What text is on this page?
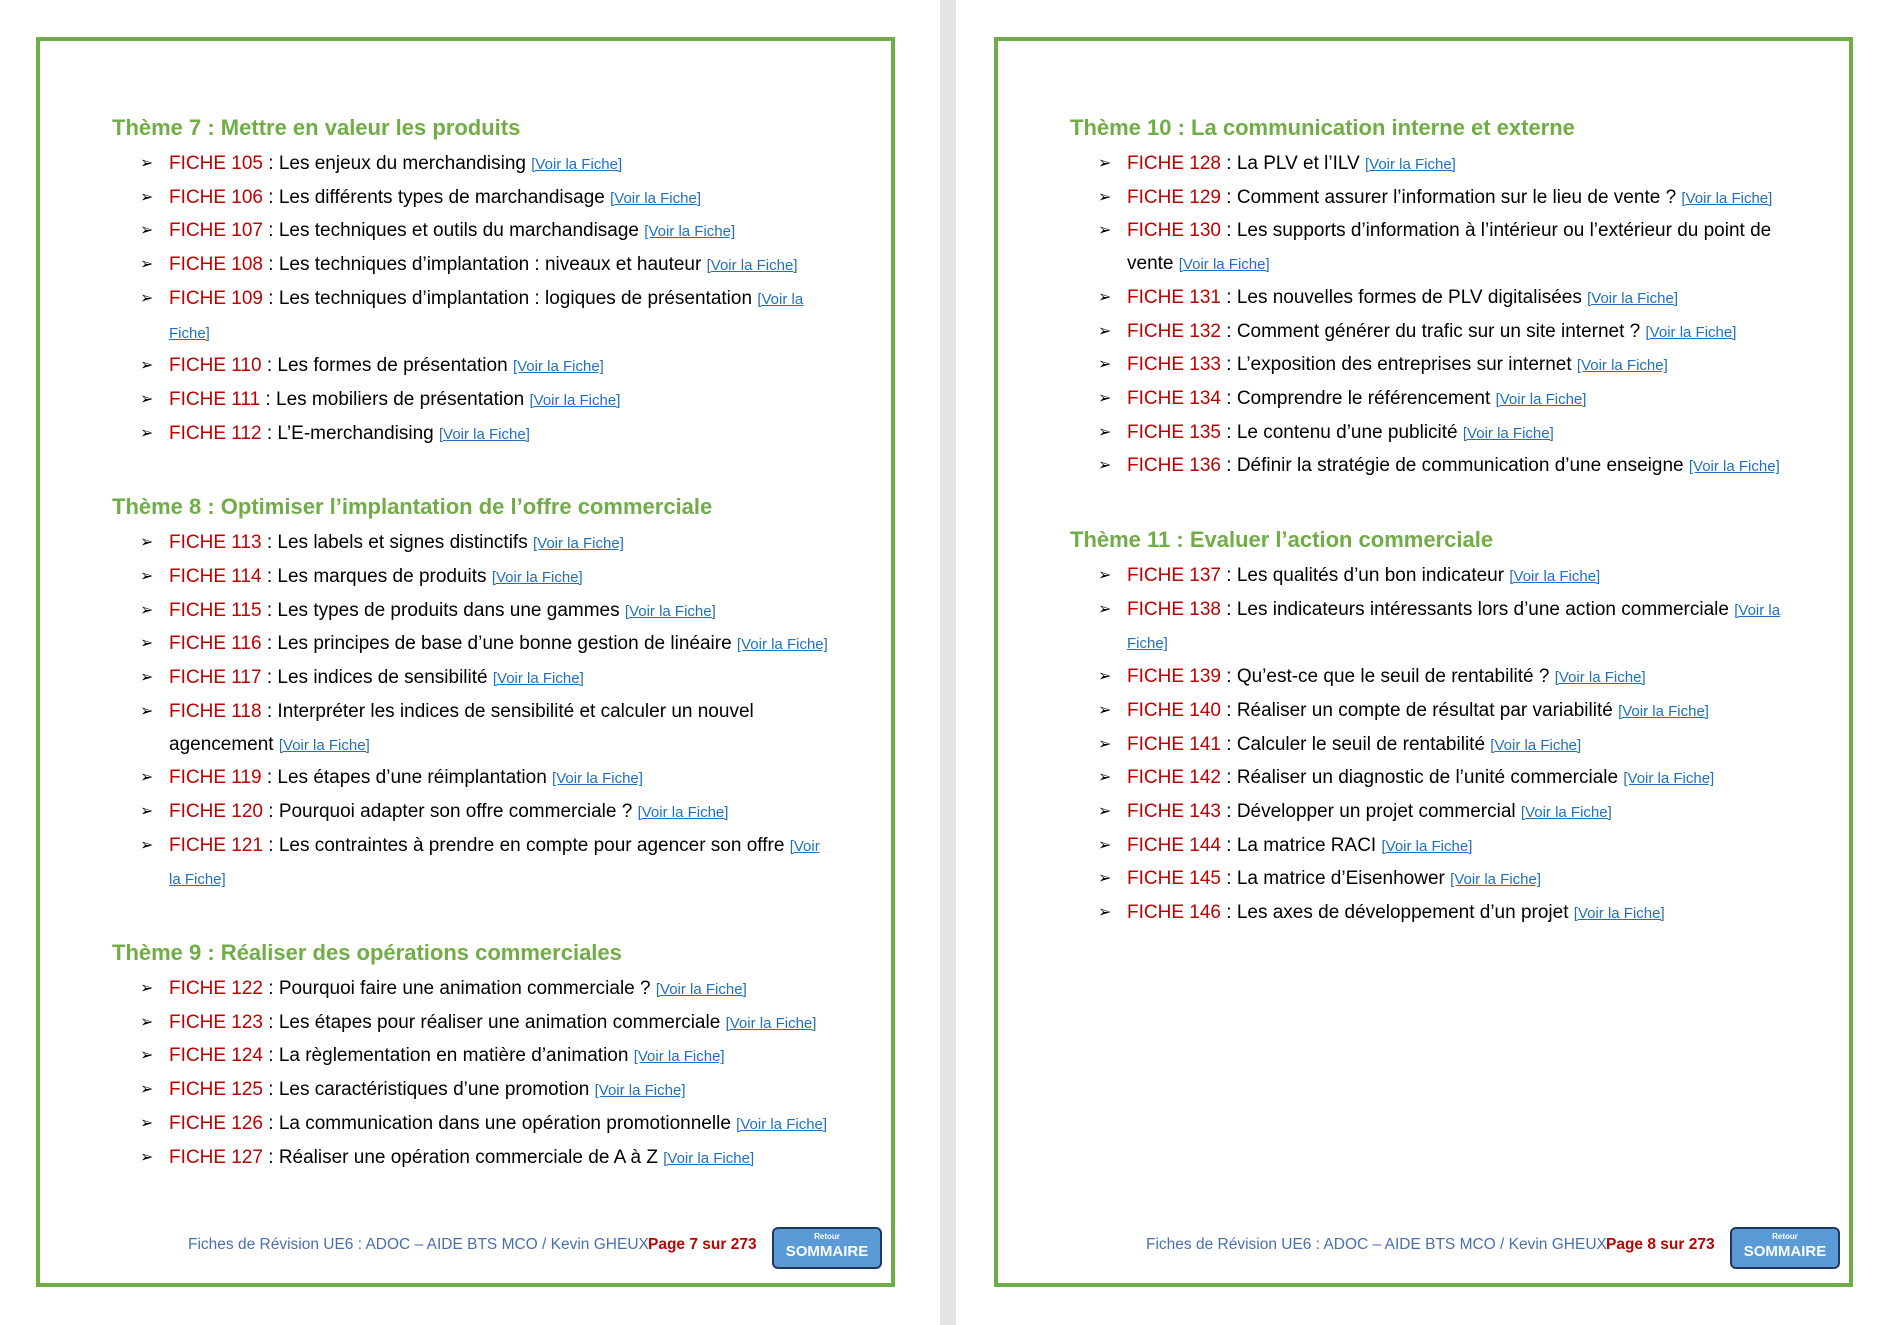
Thème 7 : Mettre en valeur les produits
➢ FICHE 105 : Les enjeux du merchandising [Voir la Fiche]
➢ FICHE 106 : Les différents types de marchandisage [Voir la Fiche]
➢ FICHE 107 : Les techniques et outils du marchandisage [Voir la Fiche]
➢ FICHE 108 : Les techniques d’implantation : niveaux et hauteur [Voir la Fiche]
➢ FICHE 109 : Les techniques d’implantation : logiques de présentation [Voir la Fiche]
➢ FICHE 110 : Les formes de présentation [Voir la Fiche]
➢ FICHE 111 : Les mobiliers de présentation [Voir la Fiche]
➢ FICHE 112 : L’E-merchandising [Voir la Fiche]
Thème 8 : Optimiser l’implantation de l’offre commerciale
➢ FICHE 113 : Les labels et signes distinctifs [Voir la Fiche]
➢ FICHE 114 : Les marques de produits [Voir la Fiche]
➢ FICHE 115 : Les types de produits dans une gammes [Voir la Fiche]
➢ FICHE 116 : Les principes de base d’une bonne gestion de linéaire [Voir la Fiche]
➢ FICHE 117 : Les indices de sensibilité [Voir la Fiche]
➢ FICHE 118 : Interpréter les indices de sensibilité et calculer un nouvel agencement [Voir la Fiche]
➢ FICHE 119 : Les étapes d’une réimplantation [Voir la Fiche]
➢ FICHE 120 : Pourquoi adapter son offre commerciale ? [Voir la Fiche]
➢ FICHE 121 : Les contraintes à prendre en compte pour agencer son offre [Voir la Fiche]
Thème 9 : Réaliser des opérations commerciales
➢ FICHE 122 : Pourquoi faire une animation commerciale ? [Voir la Fiche]
➢ FICHE 123 : Les étapes pour réaliser une animation commerciale [Voir la Fiche]
➢ FICHE 124 : La règlementation en matière d’animation [Voir la Fiche]
➢ FICHE 125 : Les caractéristiques d’une promotion [Voir la Fiche]
➢ FICHE 126 : La communication dans une opération promotionnelle [Voir la Fiche]
➢ FICHE 127 : Réaliser une opération commerciale de A à Z [Voir la Fiche]
Fiches de Révision UE6 : ADOC – AIDE BTS MCO / Kevin GHEUX Page 7 sur 273	Retour
SOMMAIRE
Thème 10 : La communication interne et externe
➢ FICHE 128 : La PLV et l’ILV [Voir la Fiche]
➢ FICHE 129 : Comment assurer l’information sur le lieu de vente ? [Voir la Fiche]
➢ FICHE 130 : Les supports d’information à l’intérieur ou l’extérieur du point de vente [Voir la Fiche]
➢ FICHE 131 : Les nouvelles formes de PLV digitalisées [Voir la Fiche]
➢ FICHE 132 : Comment générer du trafic sur un site internet ? [Voir la Fiche]
➢ FICHE 133 : L’exposition des entreprises sur internet [Voir la Fiche]
➢ FICHE 134 : Comprendre le référencement [Voir la Fiche]
➢ FICHE 135 : Le contenu d’une publicité [Voir la Fiche]
➢ FICHE 136 : Définir la stratégie de communication d’une enseigne [Voir la Fiche]
Thème 11 : Evaluer l’action commerciale
➢ FICHE 137 : Les qualités d’un bon indicateur [Voir la Fiche]
➢ FICHE 138 : Les indicateurs intéressants lors d’une action commerciale [Voir la Fiche]
➢ FICHE 139 : Qu’est-ce que le seuil de rentabilité ? [Voir la Fiche]
➢ FICHE 140 : Réaliser un compte de résultat par variabilité [Voir la Fiche]
➢ FICHE 141 : Calculer le seuil de rentabilité [Voir la Fiche]
➢ FICHE 142 : Réaliser un diagnostic de l’unité commerciale [Voir la Fiche]
➢ FICHE 143 : Développer un projet commercial [Voir la Fiche]
➢ FICHE 144 : La matrice RACI [Voir la Fiche]
➢ FICHE 145 : La matrice d’Eisenhower [Voir la Fiche]
➢ FICHE 146 : Les axes de développement d’un projet [Voir la Fiche]
Fiches de Révision UE6 : ADOC – AIDE BTS MCO / Kevin GHEUX Page 8 sur 273	Retour
SOMMAIRE
